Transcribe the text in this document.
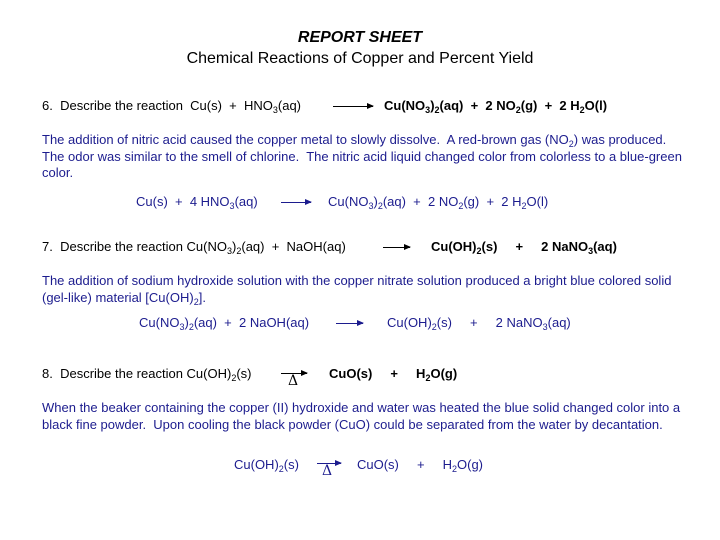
REPORT SHEET
Chemical Reactions of Copper and Percent Yield
6. Describe the reaction $Cu(s) + HNO_3(aq)$	$Cu(NO_3)_2(aq) + 2$ $NO_2(g) + 2$ $H_2O(l)$
The addition of nitric acid caused the copper metal to slowly dissolve.  A red-brown gas $(NO_2)$ was produced.  The odor was similar to the smell of chlorine.  The nitric acid liquid changed color from colorless to a blue-green color.
Cu(s)  +  4 $HNO_3(aq)$	$Cu(NO_3)_2(aq) + 2$ $NO_2(g) + 2$ $H_2O(l)$
7. Describe the reaction $Cu(NO_3)_2(aq)$  +  NaOH(aq)	$Cu(OH)_2(s)$     +     2 NaNO$_3$(aq)
The addition of sodium hydroxide solution with the copper nitrate solution produced a bright blue colored solid (gel-like) material $[Cu(OH)_2]$.
$Cu(NO_3)_2(aq) + 2$ NaOH(aq)	$Cu(OH)_2(s)$     +     2 NaNO$_3$(aq)
8. Describe the reaction $Cu(OH)_2(s)$	Δ CuO(s)     +     $H_2O(g)$
When the beaker containing the copper (II) hydroxide and water was heated the blue solid changed color into a black fine powder.  Upon cooling the black powder (CuO) could be separated from the water by decantation.
$Cu(OH)_2(s)$ Δ CuO(s)     +     $H_2O(g)$
